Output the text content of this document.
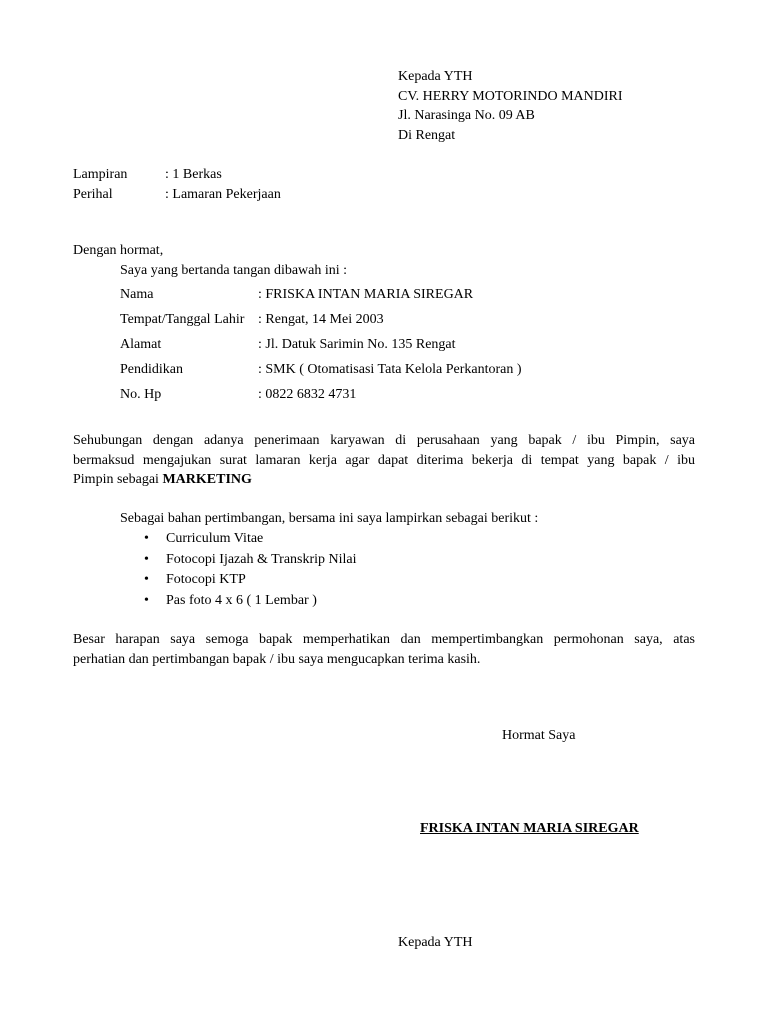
Kepada YTH
CV. HERRY MOTORINDO MANDIRI
Jl. Narasinga No. 09 AB
Di Rengat
Lampiran	: 1 Berkas
Perihal	: Lamaran Pekerjaan
Dengan hormat,
Saya yang bertanda tangan dibawah ini :
Nama	: FRISKA INTAN MARIA SIREGAR
Tempat/Tanggal Lahir : Rengat, 14 Mei 2003
Alamat	: Jl. Datuk Sarimin No. 135 Rengat
Pendidikan	: SMK ( Otomatisasi Tata Kelola Perkantoran )
No. Hp	: 0822 6832 4731
Sehubungan dengan adanya penerimaan karyawan di perusahaan yang bapak / ibu Pimpin, saya
bermaksud mengajukan surat lamaran kerja agar dapat diterima bekerja di tempat yang bapak / ibu
Pimpin sebagai MARKETING
Sebagai bahan pertimbangan, bersama ini saya lampirkan sebagai berikut :
• Curriculum Vitae
• Fotocopi Ijazah & Transkrip Nilai
• Fotocopi KTP
• Pas foto 4 x 6 ( 1 Lembar )
Besar harapan saya semoga bapak memperhatikan dan mempertimbangkan permohonan saya, atas
perhatian dan pertimbangan bapak / ibu saya mengucapkan terima kasih.
Hormat Saya
FRISKA INTAN MARIA SIREGAR
Kepada YTH
